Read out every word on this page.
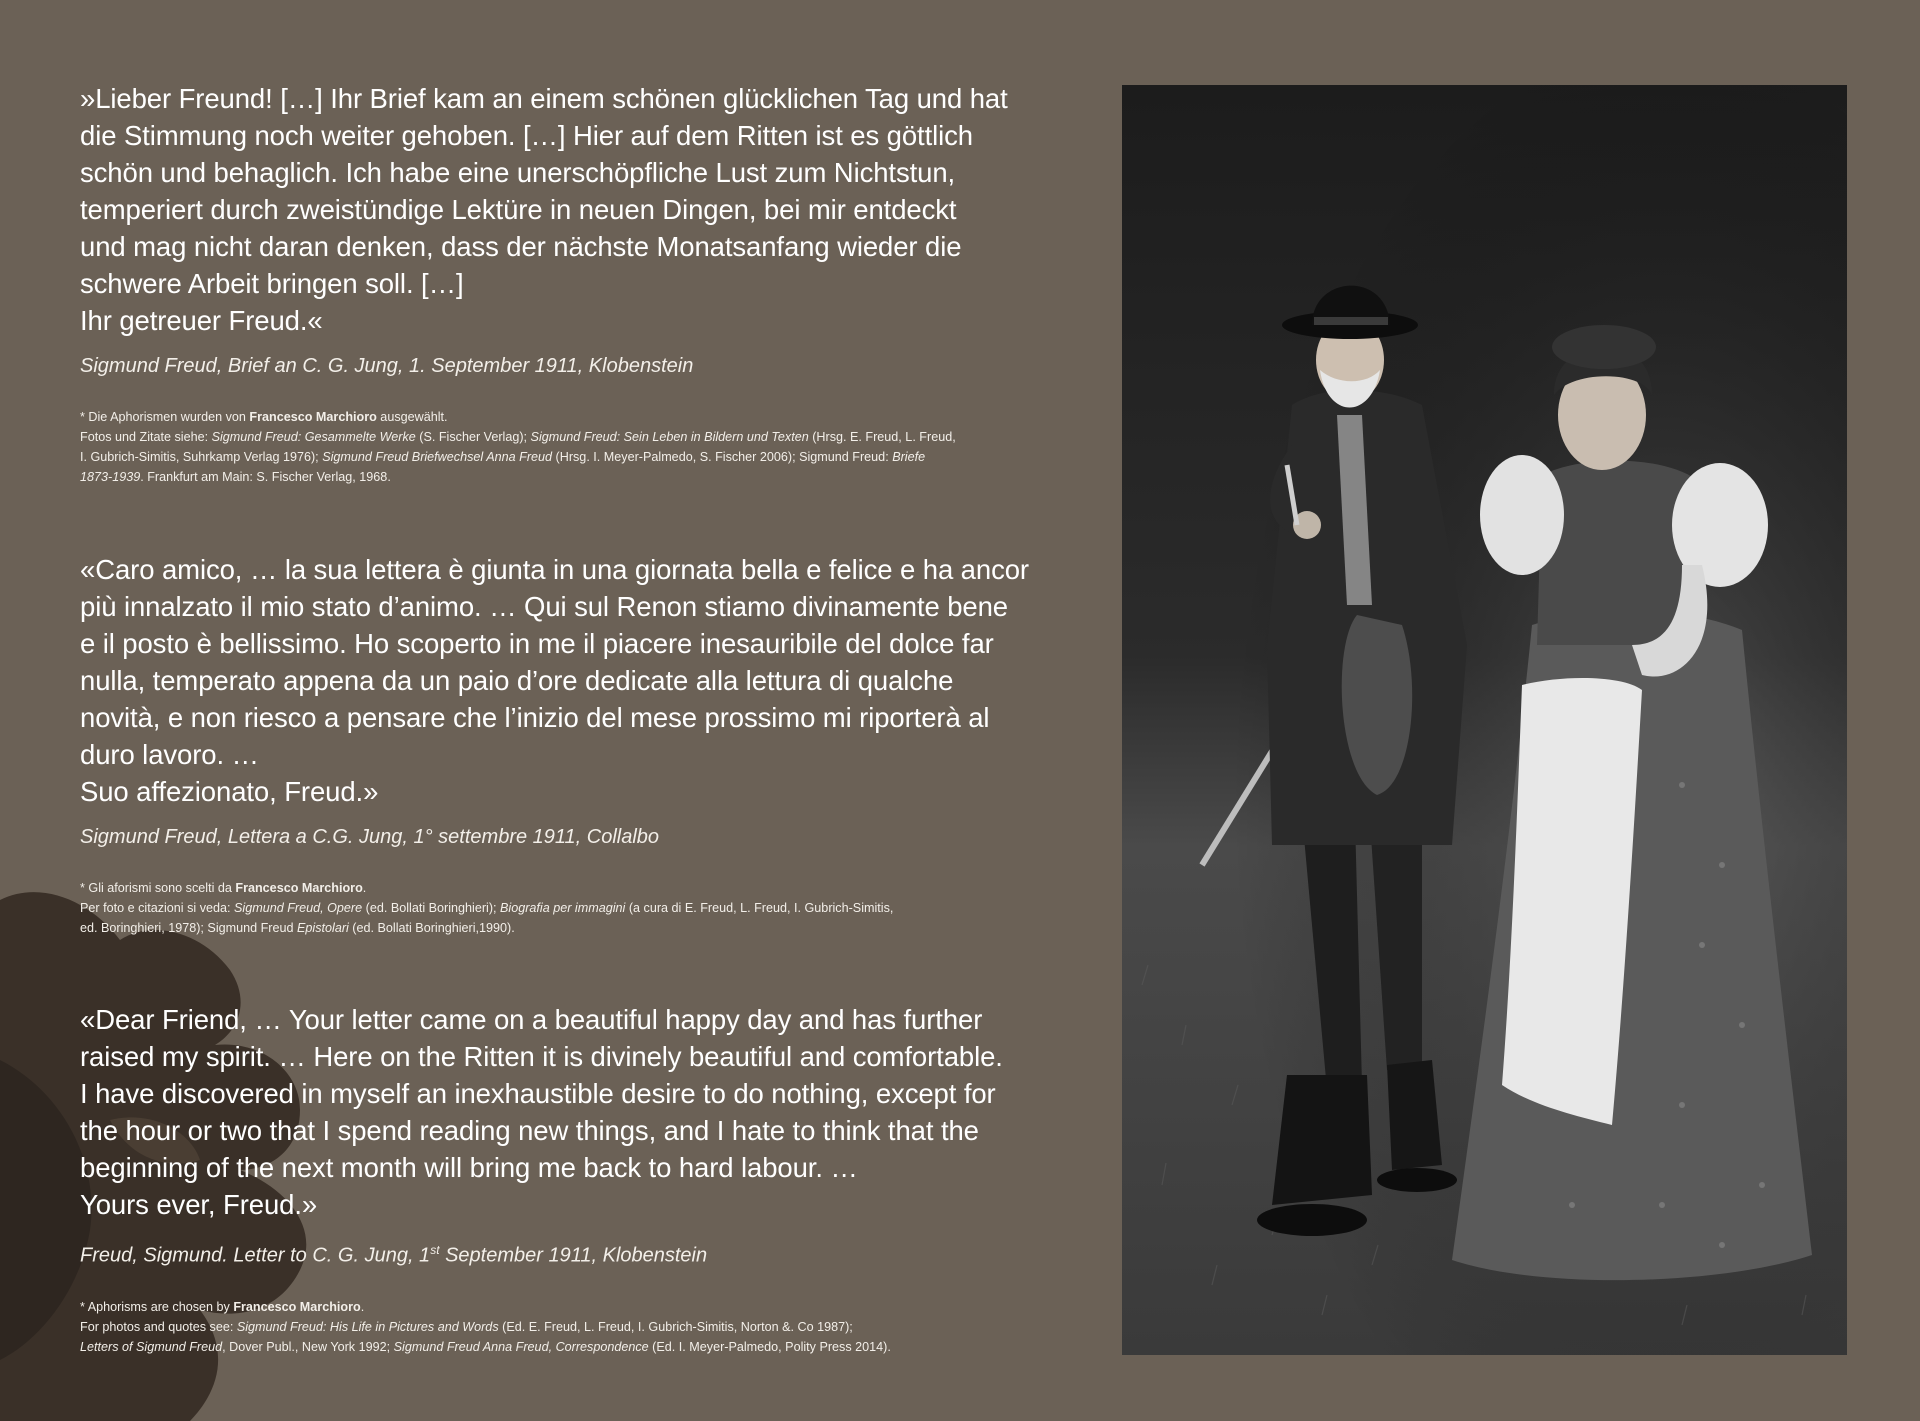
»Lieber Freund! […] Ihr Brief kam an einem schönen glücklichen Tag und hat
die Stimmung noch weiter gehoben. […] Hier auf dem Ritten ist es göttlich
schön und behaglich. Ich habe eine unerschöpfliche Lust zum Nichtstun,
temperiert durch zweistündige Lektüre in neuen Dingen, bei mir entdeckt
und mag nicht daran denken, dass der nächste Monatsanfang wieder die
schwere Arbeit bringen soll. […]
Ihr getreuer Freud.«

Sigmund Freud, Brief an C. G. Jung, 1. September 1911, Klobenstein
* Die Aphorismen wurden von Francesco Marchioro ausgewählt.
Fotos und Zitate siehe: Sigmund Freud: Gesammelte Werke (S. Fischer Verlag); Sigmund Freud: Sein Leben in Bildern und Texten (Hrsg. E. Freud, L. Freud,
I. Gubrich-Simitis, Suhrkamp Verlag 1976); Sigmund Freud Briefwechsel Anna Freud (Hrsg. I. Meyer-Palmedo, S. Fischer 2006); Sigmund Freud: Briefe
1873-1939. Frankfurt am Main: S. Fischer Verlag, 1968.

«Caro amico, … la sua lettera è giunta in una giornata bella e felice e ha ancor
più innalzato il mio stato d’animo. … Qui sul Renon stiamo divinamente bene
e il posto è bellissimo. Ho scoperto in me il piacere inesauribile del dolce far
nulla, temperato appena da un paio d’ore dedicate alla lettura di qualche
novità, e non riesco a pensare che l’inizio del mese prossimo mi riporterà al
duro lavoro. …
Suo affezionato, Freud.»

Sigmund Freud, Lettera a C.G. Jung, 1° settembre 1911, Collalbo
* Gli aforismi sono scelti da Francesco Marchioro.
Per foto e citazioni si veda: Sigmund Freud, Opere (ed. Bollati Boringhieri); Biografia per immagini (a cura di E. Freud, L. Freud, I. Gubrich-Simitis,
ed. Boringhieri, 1978); Sigmund Freud Epistolari (ed. Bollati Boringhieri,1990).

«Dear Friend, … Your letter came on a beautiful happy day and has further
raised my spirit. … Here on the Ritten it is divinely beautiful and comfortable.
I have discovered in myself an inexhaustible desire to do nothing, except for
the hour or two that I spend reading new things, and I hate to think that the
beginning of the next month will bring me back to hard labour. …
Yours ever, Freud.»

Freud, Sigmund. Letter to C. G. Jung, 1st September 1911, Klobenstein
* Aphorisms are chosen by Francesco Marchioro.
For photos and quotes see: Sigmund Freud: His Life in Pictures and Words (Ed. E. Freud, L. Freud, I. Gubrich-Simitis, Norton &. Co 1987);
Letters of Sigmund Freud, Dover Publ., New York 1992; Sigmund Freud Anna Freud, Correspondence (Ed. I. Meyer-Palmedo, Polity Press 2014).
